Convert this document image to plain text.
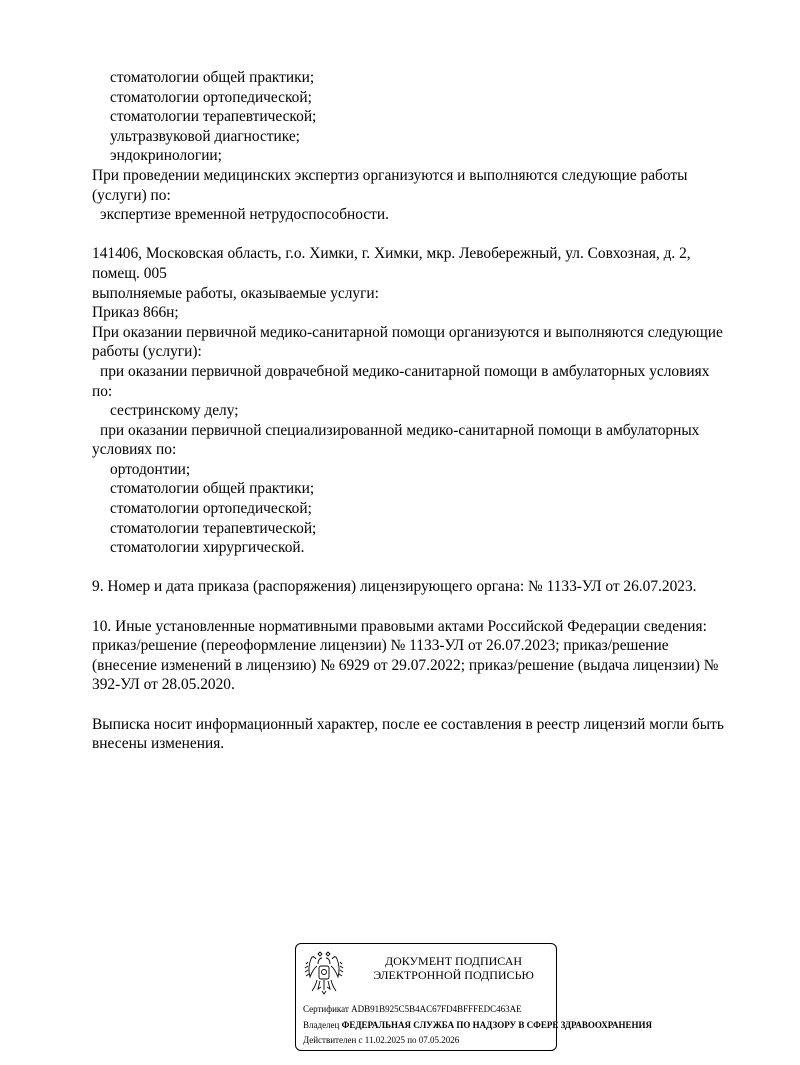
стоматологии общей практики;
стоматологии ортопедической;
стоматологии терапевтической;
ультразвуковой диагностике;
эндокринологии;
При проведении медицинских экспертиз организуются и выполняются следующие работы
(услуги) по:
экспертизе временной нетрудоспособности.
141406, Московская область, г.о. Химки, г. Химки, мкр. Левобережный, ул. Совхозная, д. 2,
помещ. 005
выполняемые работы, оказываемые услуги:
Приказ 866н;
При оказании первичной медико-санитарной помощи организуются и выполняются следующие
работы (услуги):
при оказании первичной доврачебной медико-санитарной помощи в амбулаторных условиях
по:
сестринскому делу;
при оказании первичной специализированной медико-санитарной помощи в амбулаторных
условиях по:
ортодонтии;
стоматологии общей практики;
стоматологии ортопедической;
стоматологии терапевтической;
стоматологии хирургической.
9. Номер и дата приказа (распоряжения) лицензирующего органа: № 1133-УЛ от 26.07.2023.
10. Иные установленные нормативными правовыми актами Российской Федерации сведения:
приказ/решение (переоформление лицензии) № 1133-УЛ от 26.07.2023; приказ/решение
(внесение изменений в лицензию) № 6929 от 29.07.2022; приказ/решение (выдача лицензии) №
392-УЛ от 28.05.2020.
Выписка носит информационный характер, после ее составления в реестр лицензий могли быть
внесены изменения.
ДОКУМЕНТ ПОДПИСАН
ЭЛЕКТРОННОЙ ПОДПИСЬЮ
Сертификат ADB91B925C5B4AC67FD4BFFFEDC463AE
Владелец ФЕДЕРАЛЬНАЯ СЛУЖБА ПО НАДЗОРУ В СФЕРЕ ЗДРАВООХРАНЕНИЯ
Действителен с 11.02.2025 по 07.05.2026
